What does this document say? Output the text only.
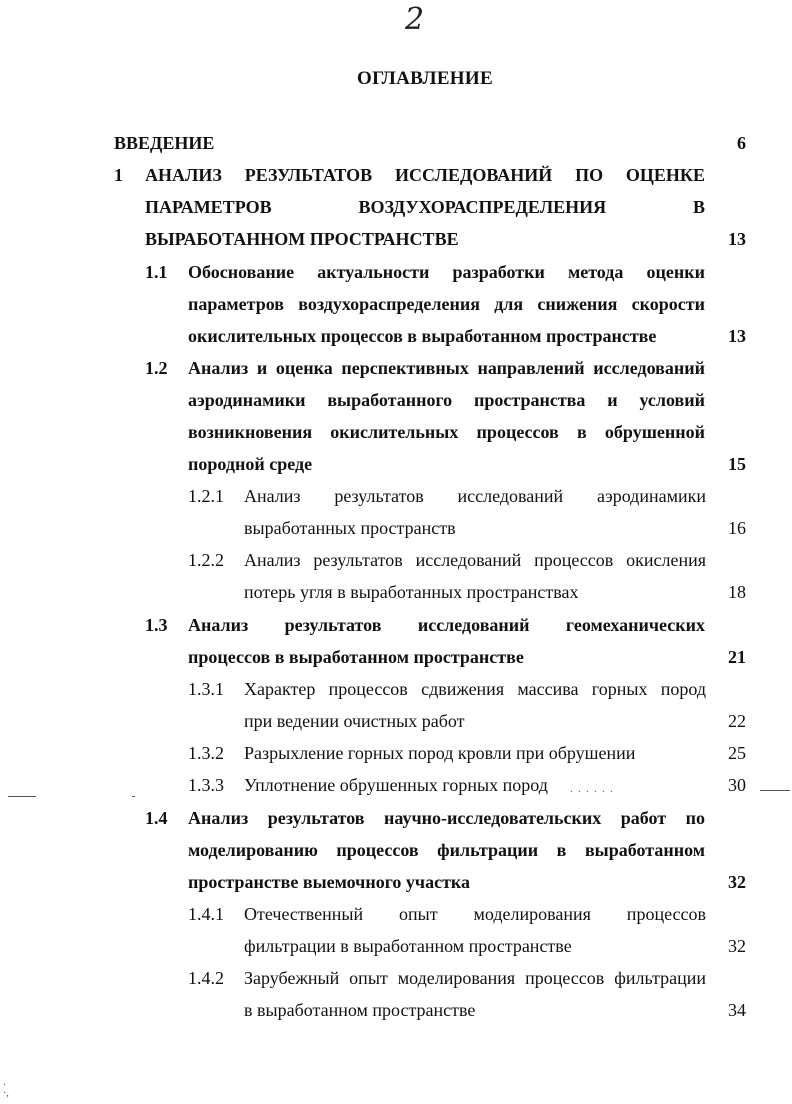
2
ОГЛАВЛЕНИЕ
ВВЕДЕНИЕ	6
1 АНАЛИЗ РЕЗУЛЬТАТОВ ИССЛЕДОВАНИЙ ПО ОЦЕНКЕ
ПАРАМЕТРОВ ВОЗДУХОРАСПРЕДЕЛЕНИЯ В
ВЫРАБОТАННОМ ПРОСТРАНСТВЕ	13
1.1 Обоснование актуальности разработки метода оценки
параметров воздухораспределения для снижения скорости
окислительных процессов в выработанном пространстве	13
1.2 Анализ и оценка перспективных направлений исследований
аэродинамики выработанного пространства и условий
возникновения окислительных процессов в обрушенной
породной среде	15
1.2.1 Анализ результатов исследований аэродинамики
выработанных пространств	16
1.2.2 Анализ результатов исследований процессов окисления
потерь угля в выработанных пространствах	18
1.3 Анализ результатов исследований геомеханических
процессов в выработанном пространстве	21
1.3.1 Характер процессов сдвижения массива горных пород
при ведении очистных работ	22
1.3.2 Разрыхление горных пород кровли при обрушении	25
1.3.3 Уплотнение обрушенных горных пород . . . . . .	30
1.4 Анализ результатов научно-исследовательских работ по
моделированию процессов фильтрации в выработанном
пространстве выемочного участка	32
1.4.1 Отечественный опыт моделирования процессов
фильтрации в выработанном пространстве	32
1.4.2 Зарубежный опыт моделирования процессов фильтрации
в выработанном пространстве	34
·
·,
